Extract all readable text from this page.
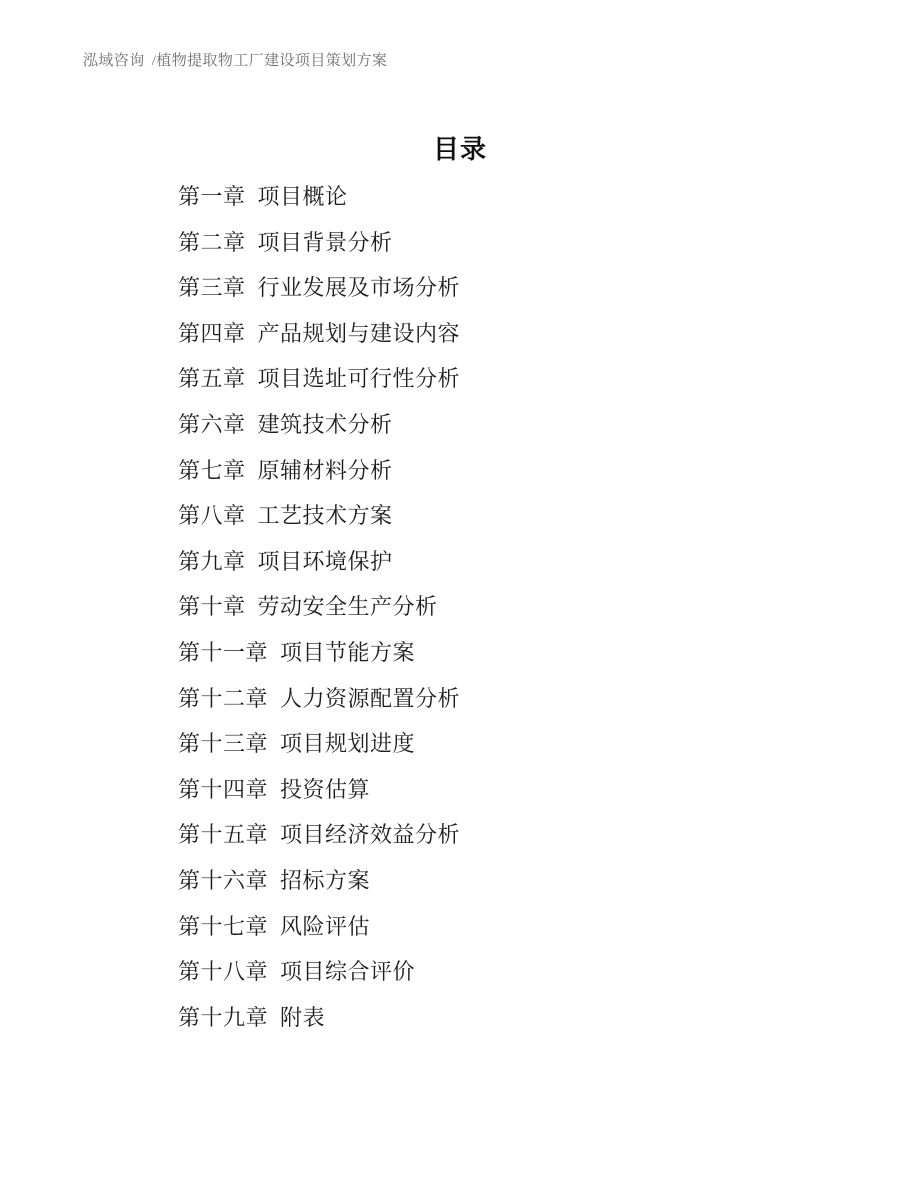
泓域咨询 /植物提取物工厂建设项目策划方案
目录
第一章 项目概论
第二章 项目背景分析
第三章 行业发展及市场分析
第四章 产品规划与建设内容
第五章 项目选址可行性分析
第六章 建筑技术分析
第七章 原辅材料分析
第八章 工艺技术方案
第九章 项目环境保护
第十章 劳动安全生产分析
第十一章 项目节能方案
第十二章 人力资源配置分析
第十三章 项目规划进度
第十四章 投资估算
第十五章 项目经济效益分析
第十六章 招标方案
第十七章 风险评估
第十八章 项目综合评价
第十九章 附表
